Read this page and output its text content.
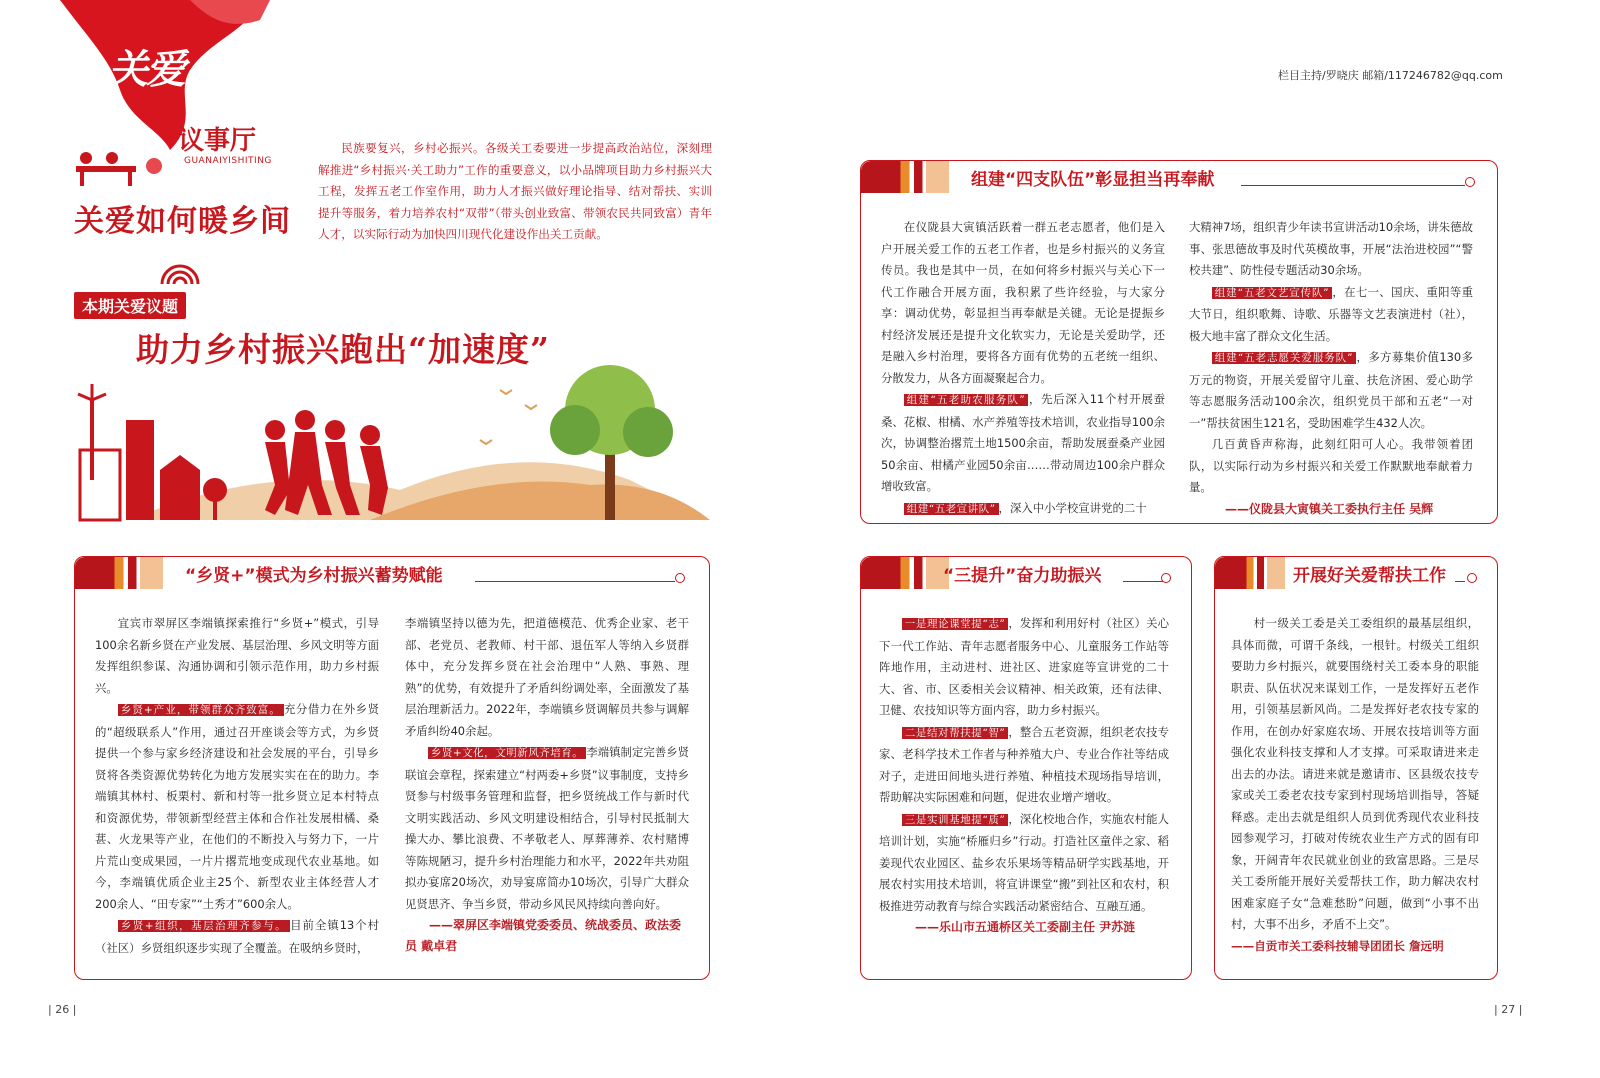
关爱
议事厅
GUANAIYISHITING
关爱如何暖乡间

民族要复兴，乡村必振兴。各级关工委要进一步提高政治站位，深刻理解推进“乡村振兴·关工助力”工作的重要意义，以小品牌项目助力乡村振兴大工程，发挥五老工作室作用，助力人才振兴做好理论指导、结对帮扶、实训提升等服务，着力培养农村“双带”（带头创业致富、带领农民共同致富）青年人才，以实际行动为加快四川现代化建设作出关工贡献。

本期关爱议题
助力乡村振兴跑出“加速度”
“乡贤+”模式为乡村振兴蓄势赋能

宜宾市翠屏区李端镇探索推行“乡贤+”模式，引导100余名新乡贤在产业发展、基层治理、乡风文明等方面发挥组织参谋、沟通协调和引领示范作用，助力乡村振兴。

乡贤+产业，带领群众齐致富。 充分借力在外乡贤的“超级联系人”作用，通过召开座谈会等方式，为乡贤提供一个参与家乡经济建设和社会发展的平台，引导乡贤将各类资源优势转化为地方发展实实在在的助力。李端镇其林村、板栗村、新和村等一批乡贤立足本村特点和资源优势，带领新型经营主体和合作社发展柑橘、桑葚、火龙果等产业，在他们的不断投入与努力下，一片片荒山变成果园，一片片撂荒地变成现代农业基地。如今，李端镇优质企业主25个、新型农业主体经营人才200余人、“田专家”“土秀才”600余人。

乡贤+组织，基层治理齐参与。 目前全镇13个村（社区）乡贤组织逐步实现了全覆盖。在吸纳乡贤时，

李端镇坚持以德为先，把道德模范、优秀企业家、老干部、老党员、老教师、村干部、退伍军人等纳入乡贤群体中，充分发挥乡贤在社会治理中“人熟、事熟、理熟”的优势，有效提升了矛盾纠纷调处率，全面激发了基层治理新活力。2022年，李端镇乡贤调解员共参与调解矛盾纠纷40余起。

乡贤+文化，文明新风齐培育。 李端镇制定完善乡贤联谊会章程，探索建立“村两委+乡贤”议事制度，支持乡贤参与村级事务管理和监督，把乡贤统战工作与新时代文明实践活动、乡风文明建设相结合，引导村民抵制大操大办、攀比浪费、不孝敬老人、厚葬薄养、农村赌博等陈规陋习，提升乡村治理能力和水平，2022年共劝阻拟办宴席20场次，劝导宴席简办10场次，引导广大群众见贤思齐、争当乡贤，带动乡风民风持续向善向好。

——翠屏区李端镇党委委员、统战委员、政法委员 戴卓君

| 26 |
栏目主持/罗晓庆 邮箱/117246782@qq.com
组建“四支队伍”彰显担当再奉献

在仪陇县大寅镇活跃着一群五老志愿者，他们是入户开展关爱工作的五老工作者，也是乡村振兴的义务宣传员。我也是其中一员，在如何将乡村振兴与关心下一代工作融合开展方面，我积累了些许经验，与大家分享：调动优势，彰显担当再奉献是关键。无论是提振乡村经济发展还是提升文化软实力，无论是关爱助学，还是融入乡村治理，要将各方面有优势的五老统一组织、分散发力，从各方面凝聚起合力。

组建“五老助农服务队” ，先后深入11个村开展蚕桑、花椒、柑橘、水产养殖等技术培训，农业指导100余次，协调整治撂荒土地1500余亩，帮助发展蚕桑产业园50余亩、柑橘产业园50余亩……带动周边100余户群众增收致富。

组建“五老宣讲队” ，深入中小学校宣讲党的二十

大精神7场，组织青少年读书宣讲活动10余场，讲朱德故事、张思德故事及时代英模故事，开展“法治进校园”“警校共建”、防性侵专题活动30余场。

组建“五老文艺宣传队” ，在七一、国庆、重阳等重大节日，组织歌舞、诗歌、乐器等文艺表演进村（社），极大地丰富了群众文化生活。

组建“五老志愿关爱服务队” ，多方募集价值130多万元的物资，开展关爱留守儿童、扶危济困、爱心助学等志愿服务活动100余次，组织党员干部和五老“一对一”帮扶贫困生121名，受助困难学生432人次。

几百黄昏声称海，此刻红阳可人心。我带领着团队，以实际行动为乡村振兴和关爱工作默默地奉献着力量。

——仪陇县大寅镇关工委执行主任 吴辉

“三提升”奋力助振兴

一是理论课堂提“志” ，发挥和利用好村（社区）关心下一代工作站、青年志愿者服务中心、儿童服务工作站等阵地作用，主动进村、进社区、进家庭等宣讲党的二十大、省、市、区委相关会议精神、相关政策，还有法律、卫健、农技知识等方面内容，助力乡村振兴。

二是结对帮扶提“智” ，整合五老资源，组织老农技专家、老科学技术工作者与种养殖大户、专业合作社等结成对子，走进田间地头进行养殖、种植技术现场指导培训，帮助解决实际困难和问题，促进农业增产增收。

三是实训基地提“质” ，深化校地合作，实施农村能人培训计划，实施“桥雁归乡”行动。打造社区童伴之家、稻姜现代农业园区、盐乡农乐果场等精品研学实践基地，开展农村实用技术培训，将宣讲课堂“搬”到社区和农村，积极推进劳动教育与综合实践活动紧密结合、互融互通。

——乐山市五通桥区关工委副主任 尹苏涟

开展好关爱帮扶工作

村一级关工委是关工委组织的最基层组织，具体而微，可谓千条线，一根针。村级关工组织要助力乡村振兴，就要围绕村关工委本身的职能职责、队伍状况来谋划工作，一是发挥好五老作用，引领基层新风尚。二是发挥好老农技专家的作用，在创办好家庭农场、开展农技培训等方面强化农业科技支撑和人才支撑。可采取请进来走出去的办法。请进来就是邀请市、区县级农技专家或关工委老农技专家到村现场培训指导，答疑释惑。走出去就是组织人员到优秀现代农业科技园参观学习，打破对传统农业生产方式的固有印象，开阔青年农民就业创业的致富思路。三是尽关工委所能开展好关爱帮扶工作，助力解决农村困难家庭子女“急难愁盼”问题，做到“小事不出村，大事不出乡，矛盾不上交”。

——自贡市关工委科技辅导团团长 詹远明

| 27 |
